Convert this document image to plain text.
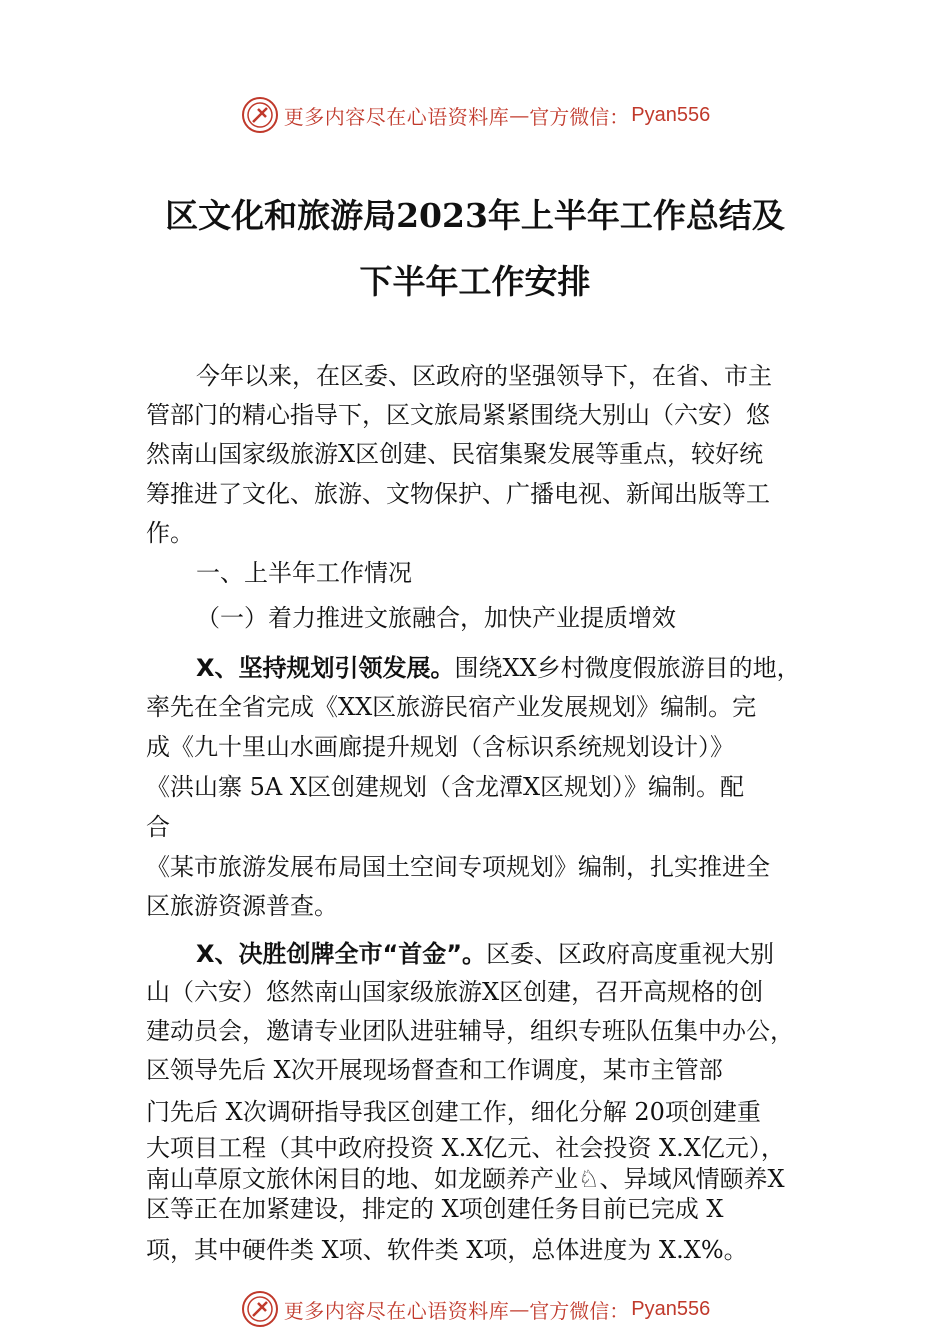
更多内容尽在心语资料库 — 官方微信： Pyan556
区文化和旅游局2023年上半年工作总结及
下半年工作安排
今年以来，在区委、区政府的坚强领导下，在省、市主
管部门的精心指导下，区文旅局紧紧围绕大别山（六安）悠
然南山国家级旅游X区创建、民宿集聚发展等重点，较好统
筹推进了文化、旅游、文物保护、广播电视、新闻出版等工
作。
一、上半年工作情况
（一）着力推进文旅融合，加快产业提质增效
X、坚持规划引领发展。围绕XX乡村微度假旅游目的地，
率先在全省完成《XX区旅游民宿产业发展规划》编制。完
成《九十里山水画廊提升规划（含标识系统规划设计）》
《洪山寨 5A X区创建规划（含龙潭X区规划）》编制。配
合
《某市旅游发展布局国土空间专项规划》编制，扎实推进全
区旅游资源普查。
X、决胜创牌全市“首金”。区委、区政府高度重视大别
山（六安）悠然南山国家级旅游X区创建，召开高规格的创
建动员会，邀请专业团队进驻辅导，组织专班队伍集中办公，
区领导先后 X次开展现场督查和工作调度，某市主管部
门先后 X次调研指导我区创建工作，细化分解 20项创建重
大项目工程（其中政府投资 X.X亿元、社会投资 X.X亿元），
南山草原文旅休闲目的地、如龙颐养产业♘、异域风情颐养X
区等正在加紧建设，排定的 X项创建任务目前已完成 X
项，其中硬件类 X项、软件类 X项，总体进度为 X.X%。
更多内容尽在心语资料库 — 官方微信： Pyan556
